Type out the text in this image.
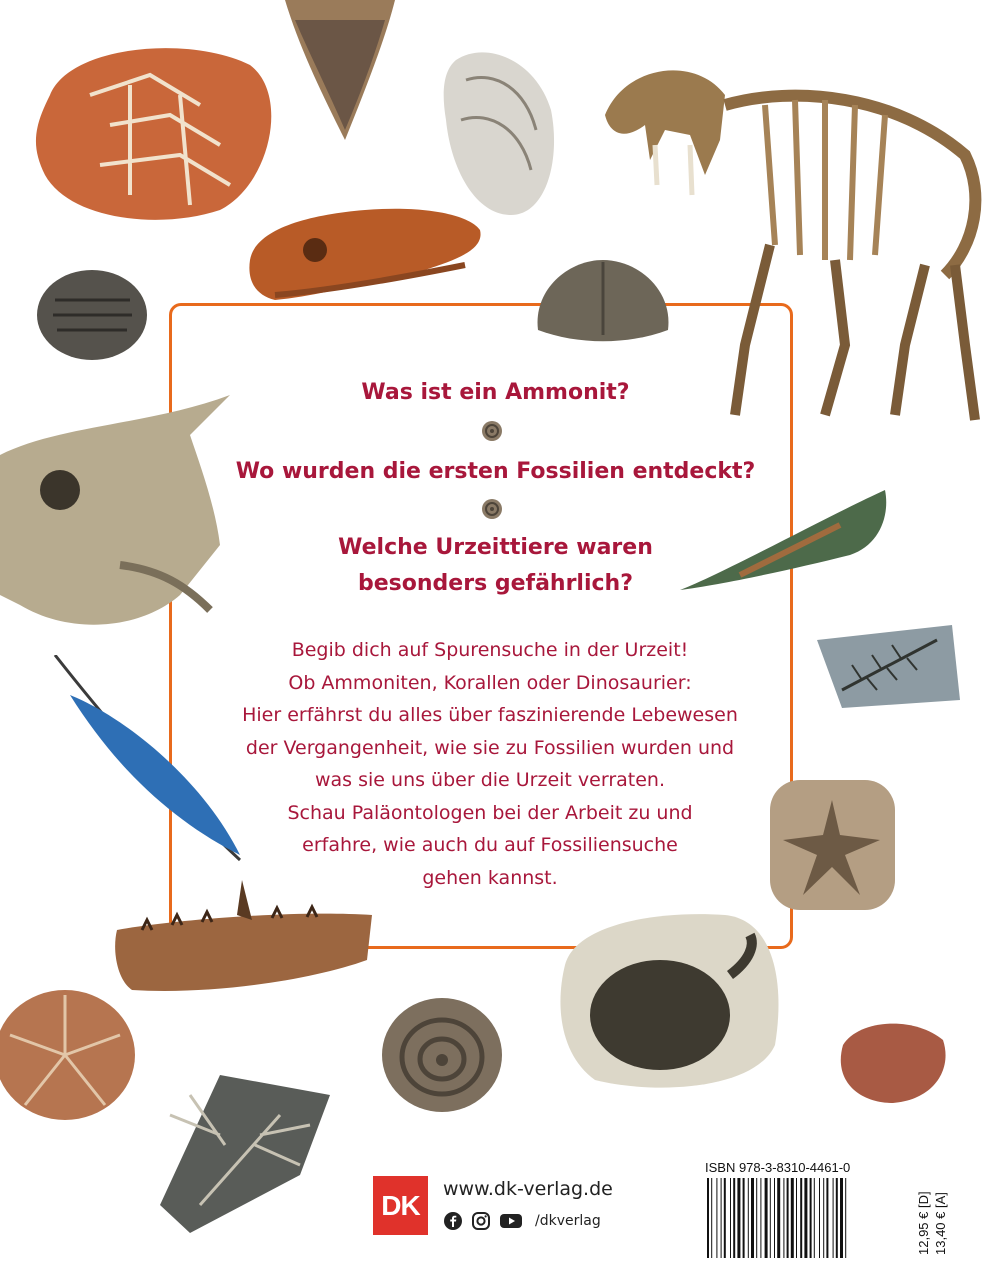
Was ist ein Ammonit?
Wo wurden die ersten Fossilien entdeckt?
Welche Urzeittiere waren
besonders gefährlich?
Begib dich auf Spurensuche in der Urzeit!
Ob Ammoniten, Korallen oder Dinosaurier:
Hier erfährst du alles über faszinierende Lebewesen
der Vergangenheit, wie sie zu Fossilien wurden und
was sie uns über die Urzeit verraten.
Schau Paläontologen bei der Arbeit zu und
erfahre, wie auch du auf Fossiliensuche
gehen kannst.
DK
www.dk-verlag.de
/dkverlag
ISBN 978-3-8310-4461-0
12,95 € [D] 13,40 € [A]
